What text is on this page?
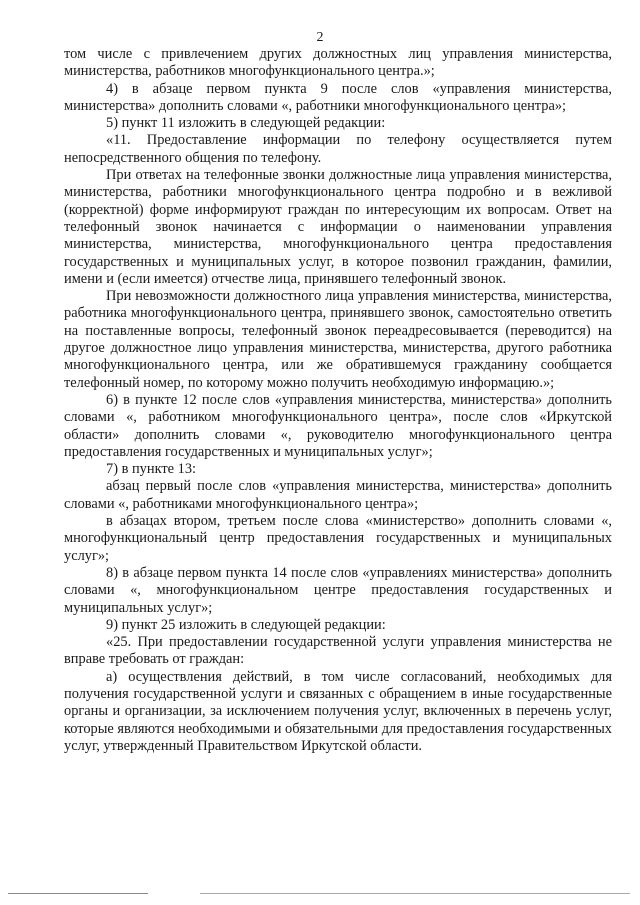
2

том числе с привлечением других должностных лиц управления министерства, министерства, работников многофункционального центра.»;

4) в абзаце первом пункта 9 после слов «управления министерства, министерства» дополнить словами «, работники многофункционального центра»;

5) пункт 11 изложить в следующей редакции:

«11. Предоставление информации по телефону осуществляется путем непосредственного общения по телефону.

При ответах на телефонные звонки должностные лица управления министерства, министерства, работники многофункционального центра подробно и в вежливой (корректной) форме информируют граждан по интересующим их вопросам. Ответ на телефонный звонок начинается с информации о наименовании управления министерства, министерства, многофункционального центра предоставления государственных и муниципальных услуг, в которое позвонил гражданин, фамилии, имени и (если имеется) отчестве лица, принявшего телефонный звонок.

При невозможности должностного лица управления министерства, министерства, работника многофункционального центра, принявшего звонок, самостоятельно ответить на поставленные вопросы, телефонный звонок переадресовывается (переводится) на другое должностное лицо управления министерства, министерства, другого работника многофункционального центра, или же обратившемуся гражданину сообщается телефонный номер, по которому можно получить необходимую информацию.»;

6) в пункте 12 после слов «управления министерства, министерства» дополнить словами «, работником многофункционального центра», после слов «Иркутской области» дополнить словами «, руководителю многофункционального центра предоставления государственных и муниципальных услуг»;

7) в пункте 13:

абзац первый после слов «управления министерства, министерства» дополнить словами «, работниками многофункционального центра»;

в абзацах втором, третьем после слова «министерство» дополнить словами «, многофункциональный центр предоставления государственных и муниципальных услуг»;

8) в абзаце первом пункта 14 после слов «управлениях министерства» дополнить словами «, многофункциональном центре предоставления государственных и муниципальных услуг»;

9) пункт 25 изложить в следующей редакции:

«25. При предоставлении государственной услуги управления министерства не вправе требовать от граждан:

а) осуществления действий, в том числе согласований, необходимых для получения государственной услуги и связанных с обращением в иные государственные органы и организации, за исключением получения услуг, включенных в перечень услуг, которые являются необходимыми и обязательными для предоставления государственных услуг, утвержденный Правительством Иркутской области.
